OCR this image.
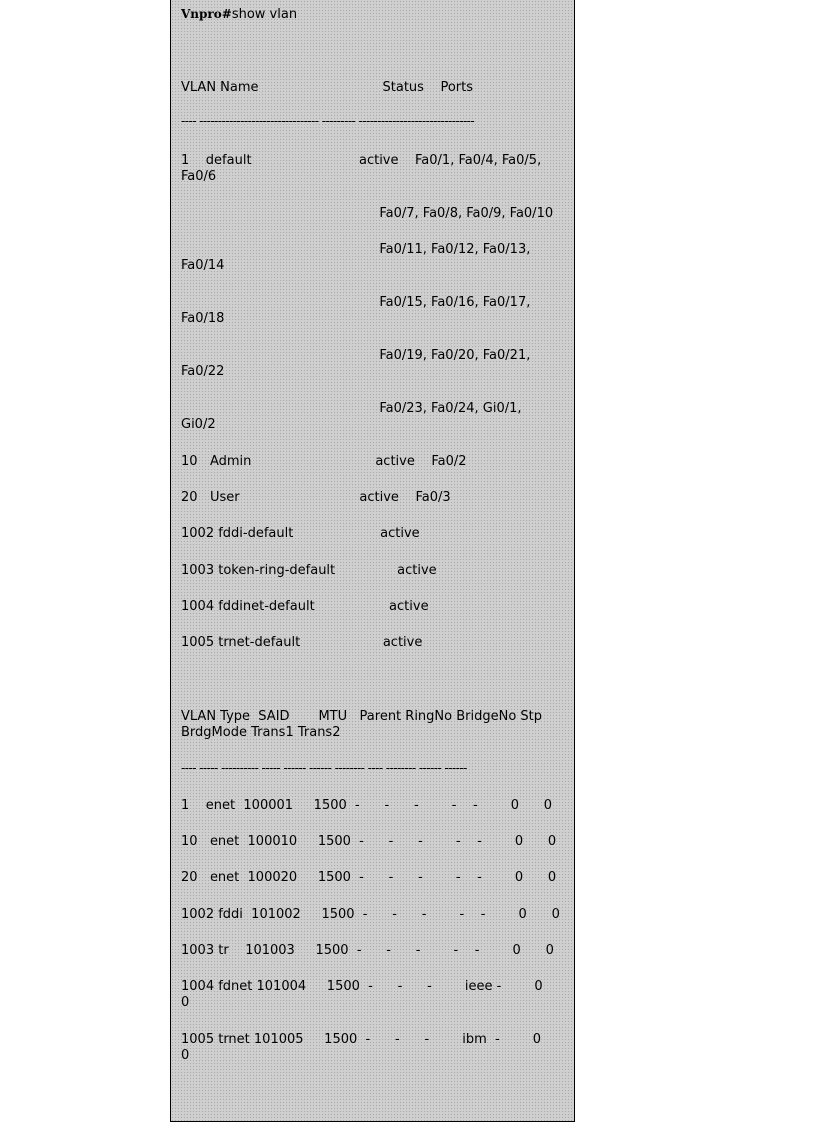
Vnpro#show vlan
VLAN Name                              Status    Ports
---- -------------------------------- --------- -------------------------------
1    default                          active    Fa0/1, Fa0/4, Fa0/5,
Fa0/6
Fa0/7, Fa0/8, Fa0/9, Fa0/10
Fa0/11, Fa0/12, Fa0/13,
Fa0/14
Fa0/15, Fa0/16, Fa0/17,
Fa0/18
Fa0/19, Fa0/20, Fa0/21,
Fa0/22
Fa0/23, Fa0/24, Gi0/1,
Gi0/2
10   Admin                              active    Fa0/2
20   User                             active    Fa0/3
1002 fddi-default                     active
1003 token-ring-default               active
1004 fddinet-default                  active
1005 trnet-default                    active
VLAN Type  SAID       MTU   Parent RingNo BridgeNo Stp
BrdgMode Trans1 Trans2
---- ----- ---------- ----- ------ ------ -------- ---- -------- ------ ------
1    enet  100001     1500  -      -      -        -    -        0      0
10   enet  100010     1500  -      -      -        -    -        0      0
20   enet  100020     1500  -      -      -        -    -        0      0
1002 fddi  101002     1500  -      -      -        -    -        0      0
1003 tr    101003     1500  -      -      -        -    -        0      0
1004 fdnet 101004     1500  -      -      -        ieee -        0
0
1005 trnet 101005     1500  -      -      -        ibm  -        0
0
